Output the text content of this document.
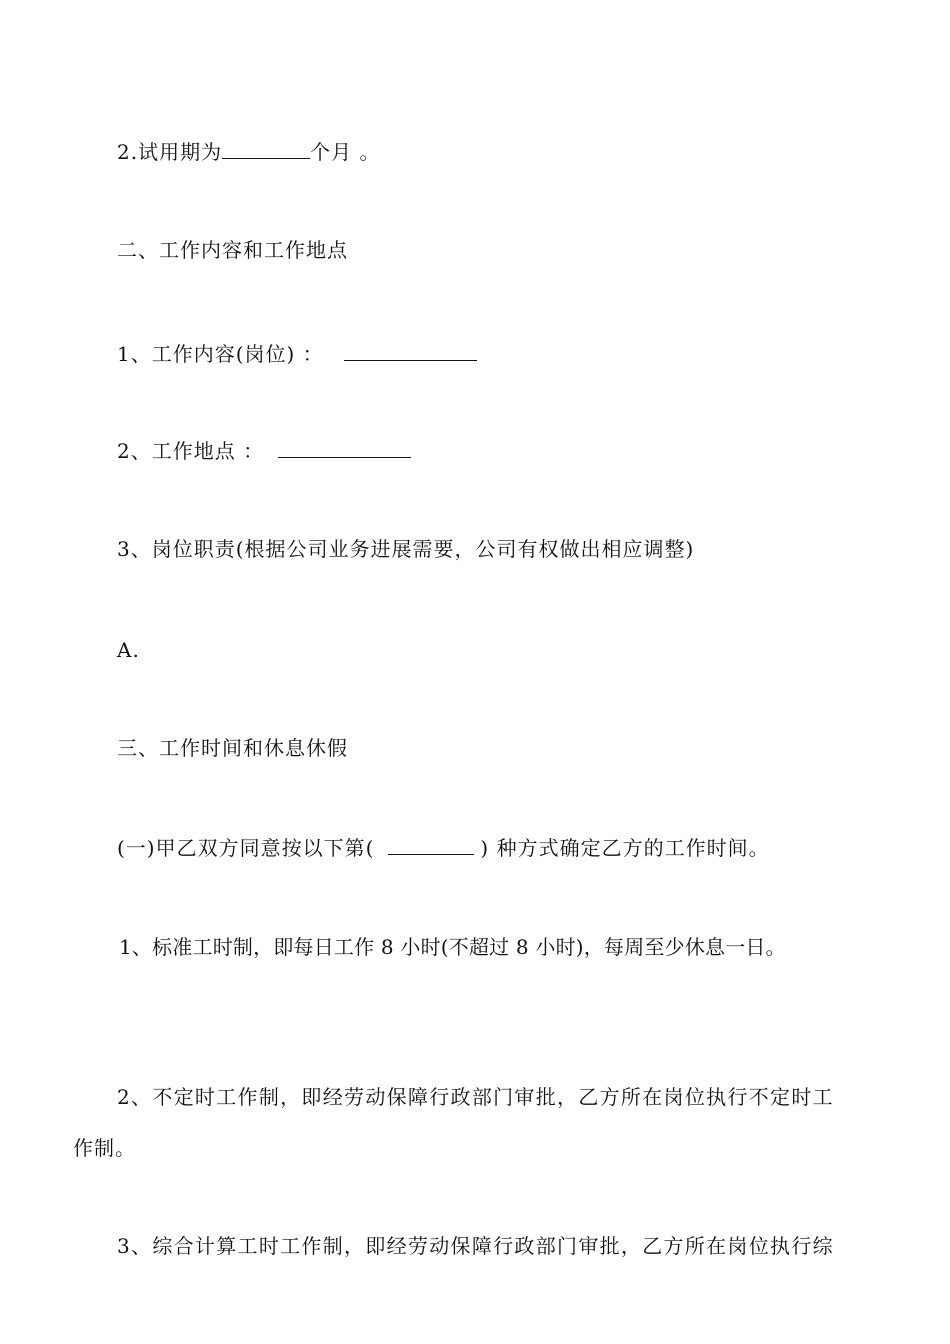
2.试用期为	个月 。
二、工作内容和工作地点
1、工作内容(岗位) ：
2、工作地点 ：
3、岗位职责(根据公司业务进展需要，公司有权做出相应调整)
A.
三、工作时间和休息休假
(一)甲乙双方同意按以下第(	) 种方式确定乙方的工作时间。
1、标准工时制，即每日工作 8 小时(不超过 8 小时)，每周至少休息一日。
2、不定时工作制，即经劳动保障行政部门审批，乙方所在岗位执行不定时工
作制。
3、综合计算工时工作制，即经劳动保障行政部门审批，乙方所在岗位执行综
